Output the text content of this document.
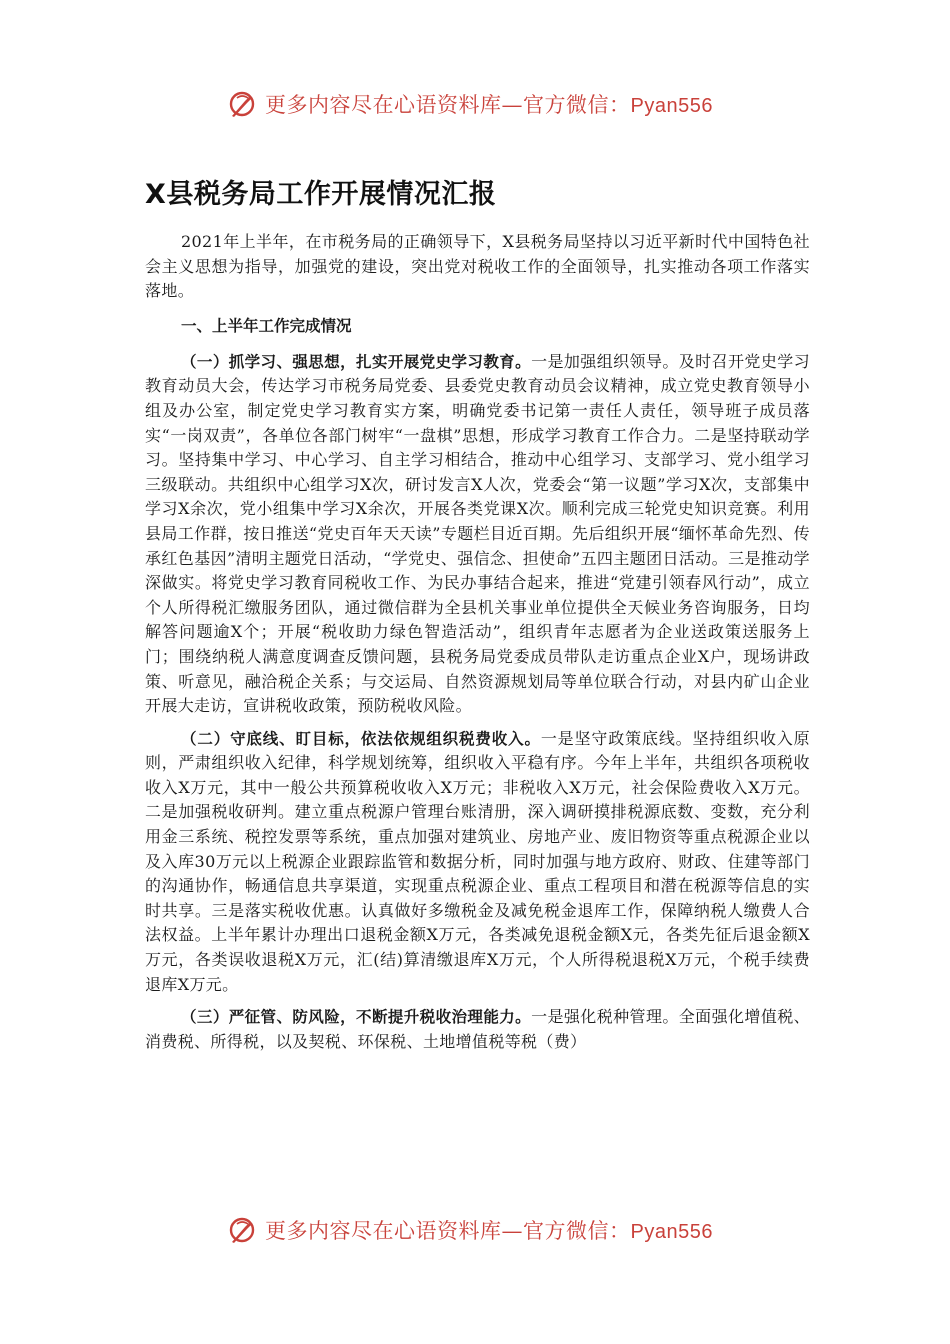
更多内容尽在心语资料库—官方微信：Pyan556
X县税务局工作开展情况汇报

2021年上半年，在市税务局的正确领导下，X县税务局坚持以习近平新时代中国特色社会主义思想为指导，加强党的建设，突出党对税收工作的全面领导，扎实推动各项工作落实落地。

一、上半年工作完成情况

（一）抓学习、强思想，扎实开展党史学习教育。一是加强组织领导。及时召开党史学习教育动员大会，传达学习市税务局党委、县委党史教育动员会议精神，成立党史教育领导小组及办公室，制定党史学习教育实方案，明确党委书记第一责任人责任，领导班子成员落实“一岗双责”，各单位各部门树牢“一盘棋”思想，形成学习教育工作合力。二是坚持联动学习。坚持集中学习、中心学习、自主学习相结合，推动中心组学习、支部学习、党小组学习三级联动。共组织中心组学习X次，研讨发言X人次，党委会“第一议题”学习X次，支部集中学习X余次，党小组集中学习X余次，开展各类党课X次。顺利完成三轮党史知识竞赛。利用县局工作群，按日推送“党史百年天天读”专题栏目近百期。先后组织开展“缅怀革命先烈、传承红色基因”清明主题党日活动，“学党史、强信念、担使命”五四主题团日活动。三是推动学深做实。将党史学习教育同税收工作、为民办事结合起来，推进“党建引领春风行动”，成立个人所得税汇缴服务团队，通过微信群为全县机关事业单位提供全天候业务咨询服务，日均解答问题逾X个；开展“税收助力绿色智造活动”，组织青年志愿者为企业送政策送服务上门；围绕纳税人满意度调查反馈问题，县税务局党委成员带队走访重点企业X户，现场讲政策、听意见，融洽税企关系；与交运局、自然资源规划局等单位联合行动，对县内矿山企业开展大走访，宣讲税收政策，预防税收风险。

（二）守底线、盯目标，依法依规组织税费收入。一是坚守政策底线。坚持组织收入原则，严肃组织收入纪律，科学规划统筹，组织收入平稳有序。今年上半年，共组织各项税收收入X万元，其中一般公共预算税收收入X万元；非税收入X万元，社会保险费收入X万元。二是加强税收研判。建立重点税源户管理台账清册，深入调研摸排税源底数、变数，充分利用金三系统、税控发票等系统，重点加强对建筑业、房地产业、废旧物资等重点税源企业以及入库30万元以上税源企业跟踪监管和数据分析，同时加强与地方政府、财政、住建等部门的沟通协作，畅通信息共享渠道，实现重点税源企业、重点工程项目和潜在税源等信息的实时共享。三是落实税收优惠。认真做好多缴税金及减免税金退库工作，保障纳税人缴费人合法权益。上半年累计办理出口退税金额X万元，各类减免退税金额X元，各类先征后退金额X万元，各类误收退税X万元，汇(结)算清缴退库X万元，个人所得税退税X万元，个税手续费退库X万元。

（三）严征管、防风险，不断提升税收治理能力。一是强化税种管理。全面强化增值税、消费税、所得税，以及契税、环保税、土地增值税等税（费）

更多内容尽在心语资料库—官方微信：Pyan556
